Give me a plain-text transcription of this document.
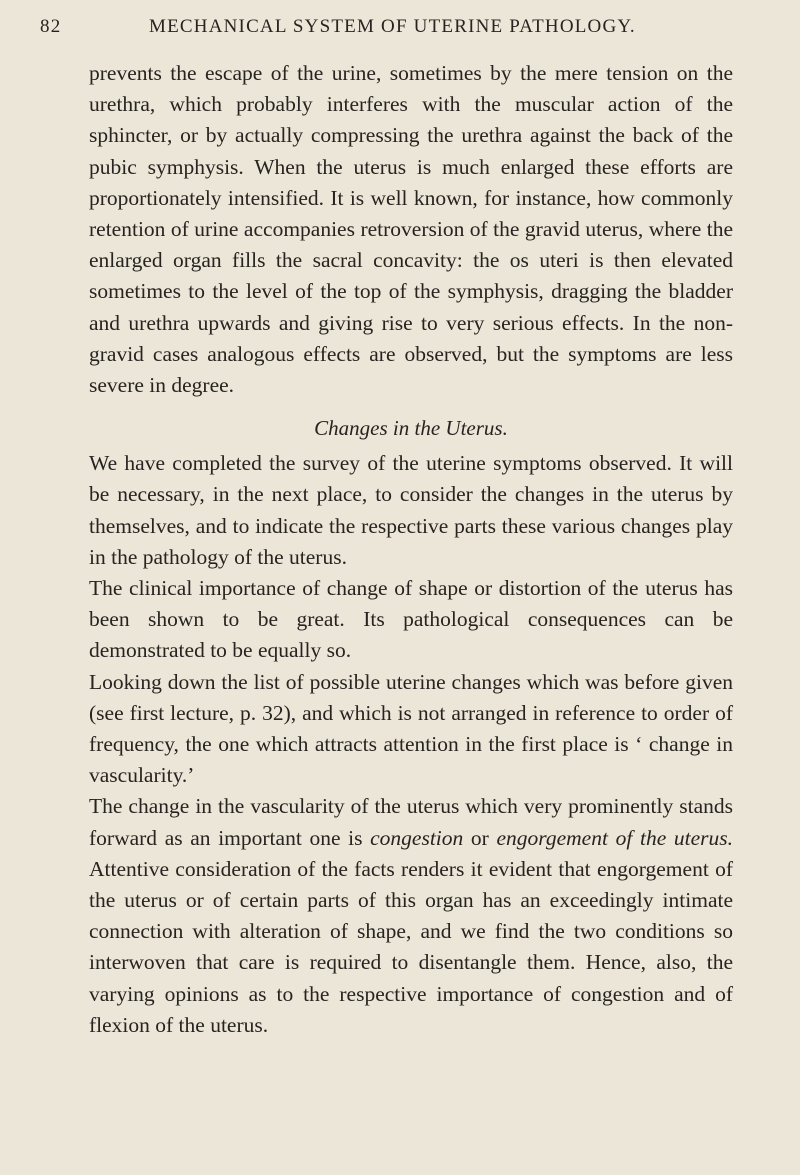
82	MECHANICAL SYSTEM OF UTERINE PATHOLOGY.

prevents the escape of the urine, sometimes by the mere tension on the urethra, which probably interferes with the muscular action of the sphincter, or by actually compressing the urethra against the back of the pubic symphysis. When the uterus is much enlarged these efforts are proportionately intensified. It is well known, for instance, how commonly retention of urine accompanies retroversion of the gravid uterus, where the enlarged organ fills the sacral concavity: the os uteri is then elevated sometimes to the level of the top of the symphysis, dragging the bladder and urethra upwards and giving rise to very serious effects. In the non-gravid cases analogous effects are observed, but the symptoms are less severe in degree.

Changes in the Uterus.

We have completed the survey of the uterine symptoms observed. It will be necessary, in the next place, to consider the changes in the uterus by themselves, and to indicate the respective parts these various changes play in the pathology of the uterus.

The clinical importance of change of shape or distortion of the uterus has been shown to be great. Its pathological consequences can be demonstrated to be equally so.

Looking down the list of possible uterine changes which was before given (see first lecture, p. 32), and which is not arranged in reference to order of frequency, the one which attracts attention in the first place is ‘ change in vascularity.’

The change in the vascularity of the uterus which very prominently stands forward as an important one is congestion or engorgement of the uterus. Attentive consideration of the facts renders it evident that engorgement of the uterus or of certain parts of this organ has an exceedingly intimate connection with alteration of shape, and we find the two conditions so interwoven that care is required to disentangle them. Hence, also, the varying opinions as to the respective importance of congestion and of flexion of the uterus.
